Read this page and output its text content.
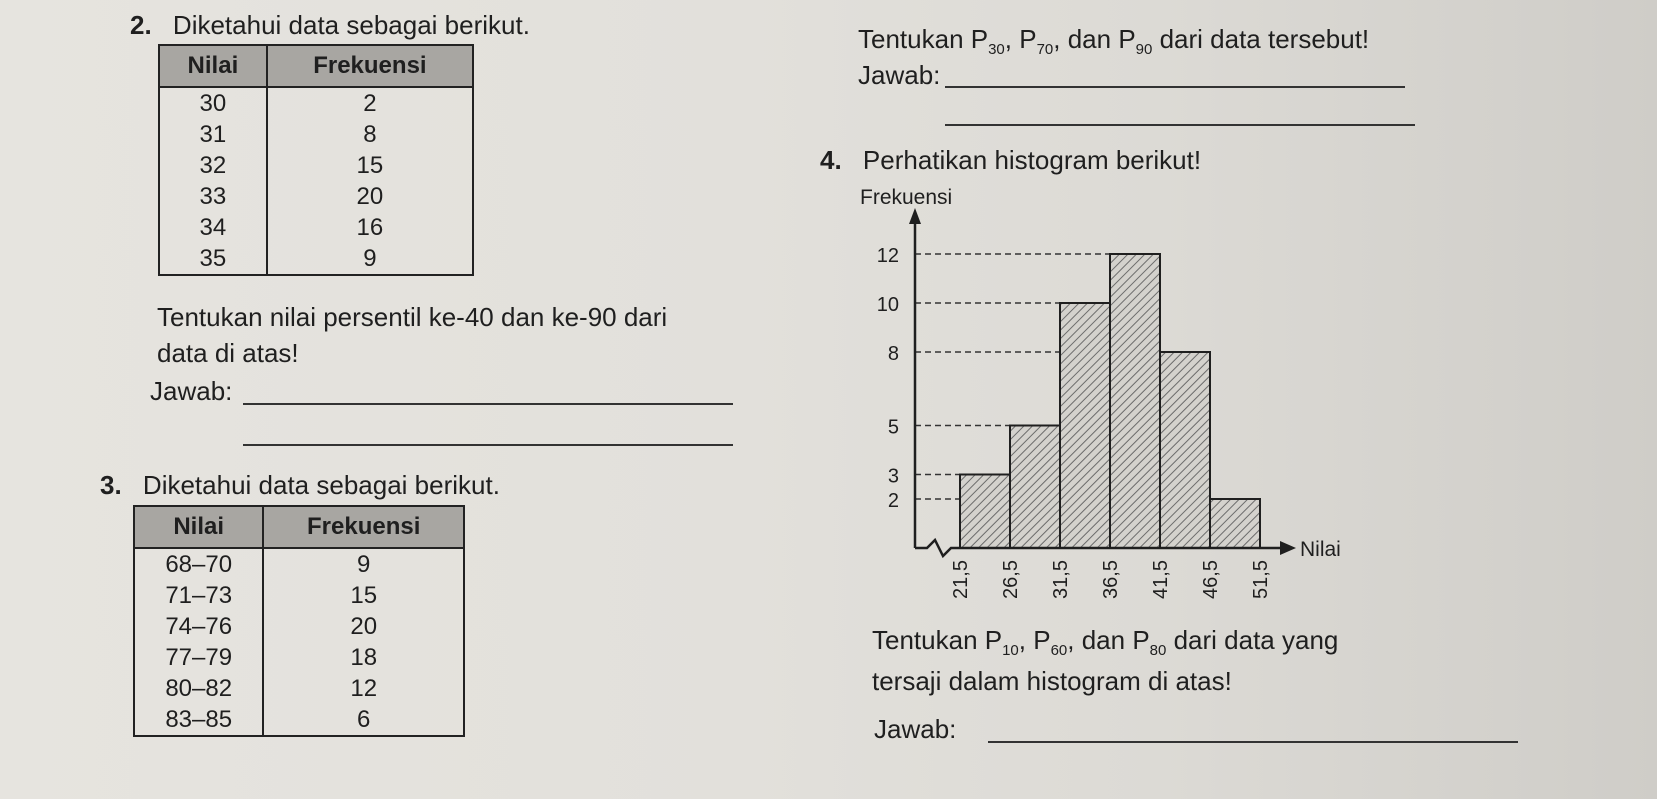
2. Diketahui data sebagai berikut.
Nilai	Frekuensi
30	2
31	8
32	15
33	20
34	16
35	9
Tentukan nilai persentil ke-40 dan ke-90 dari
data di atas!
Jawab:
Tentukan $P_{30}$, $P_{70}$, dan $P_{90}$ dari data tersebut!
Jawab:
3. Diketahui data sebagai berikut.
Nilai	Frekuensi
68–70	9
71–73	15
74–76	20
77–79	18
80–82	12
83–85	6
4. Perhatikan histogram berikut!
2
3
5
8
10
12
21,5 26,5 31,5 36,5 41,5 46,5 51,5
Frekuensi
Nilai
Tentukan $P_{10}$, $P_{60}$, dan $P_{80}$ dari data yang
tersaji dalam histogram di atas!
Jawab:
